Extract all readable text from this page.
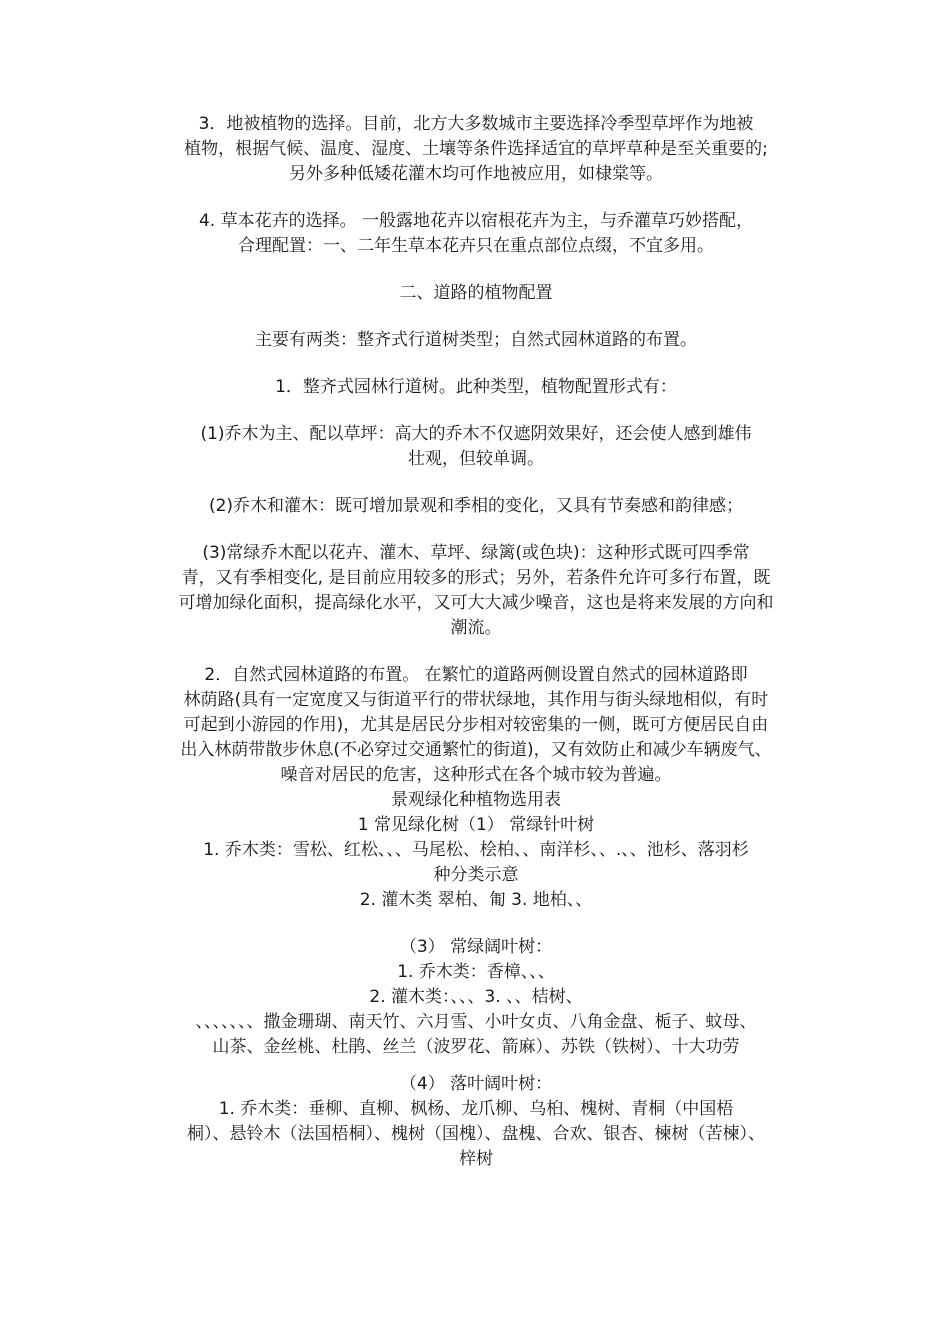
3．地被植物的选择。目前，北方大多数城市主要选择冷季型草坪作为地被
植物，根据气候、温度、湿度、土壤等条件选择适宜的草坪草种是至关重要的;
另外多种低矮花灌木均可作地被应用，如棣棠等。

4. 草本花卉的选择。 一般露地花卉以宿根花卉为主，与乔灌草巧妙搭配，
合理配置：一、二年生草本花卉只在重点部位点缀，不宜多用。

二、道路的植物配置

主要有两类：整齐式行道树类型；自然式园林道路的布置。

1．整齐式园林行道树。此种类型，植物配置形式有：

(1)乔木为主、配以草坪：高大的乔木不仅遮阴效果好，还会使人感到雄伟
壮观，但较单调。

(2)乔木和灌木：既可增加景观和季相的变化，又具有节奏感和韵律感；

(3)常绿乔木配以花卉、灌木、草坪、绿篱(或色块)：这种形式既可四季常
青，又有季相变化, 是目前应用较多的形式；另外，若条件允许可多行布置，既
可增加绿化面积，提高绿化水平，又可大大减少噪音，这也是将来发展的方向和
潮流。

2．自然式园林道路的布置。 在繁忙的道路两侧设置自然式的园林道路即
林荫路(具有一定宽度又与街道平行的带状绿地，其作用与街头绿地相似，有时
可起到小游园的作用)，尤其是居民分步相对较密集的一侧，既可方便居民自由
出入林荫带散步休息(不必穿过交通繁忙的街道)，又有效防止和减少车辆废气、
噪音对居民的危害，这种形式在各个城市较为普遍。

景观绿化种植物选用表
1 常见绿化树（1） 常绿针叶树
1. 乔木类：雪松、红松、、、马尾松、桧柏、、南洋杉、、.、、池杉、落羽杉
种分类示意
2. 灌木类 翠柏、匍 3. 地柏、、

（3） 常绿阔叶树：
1. 乔木类：香樟、、、
2. 灌木类：、、、3. 、、桔树、
、、、、、、、撒金珊瑚、南天竹、六月雪、小叶女贞、八角金盘、栀子、蚊母、
山茶、金丝桃、杜鹃、丝兰（波罗花、箭麻）、苏铁（铁树）、十大功劳

（4） 落叶阔叶树：
1. 乔木类：垂柳、直柳、枫杨、龙爪柳、乌桕、槐树、青桐（中国梧
桐）、悬铃木（法国梧桐）、槐树（国槐）、盘槐、合欢、银杏、楝树（苦楝）、
梓树
